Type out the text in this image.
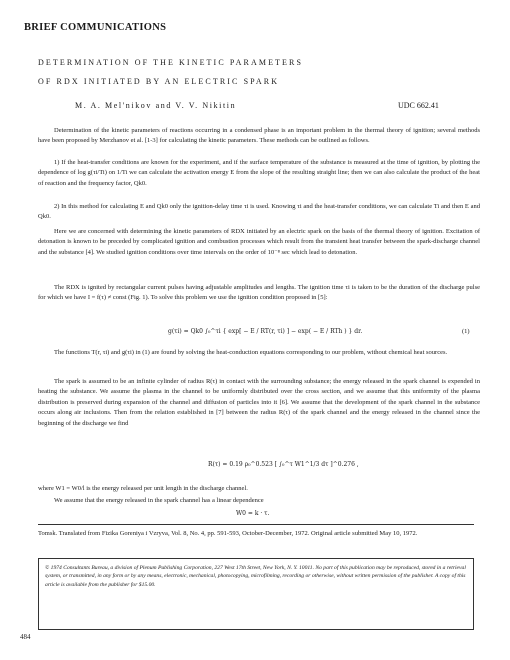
BRIEF COMMUNICATIONS
DETERMINATION OF THE KINETIC PARAMETERS
OF RDX INITIATED BY AN ELECTRIC SPARK
M. A. Mel'nikov and V. V. Nikitin	UDC 662.41
Determination of the kinetic parameters of reactions occurring in a condensed phase is an important problem in the thermal theory of ignition; several methods have been proposed by Merzhanov et al. [1-3] for calculating the kinetic parameters. These methods can be outlined as follows.
1) If the heat-transfer conditions are known for the experiment, and if the surface temperature of the substance is measured at the time of ignition, by plotting the dependence of log g(τi/Ti) on 1/Ti we can calculate the activation energy E from the slope of the resulting straight line; then we can also calculate the product of the heat of reaction and the frequency factor, Qk0.
2) In this method for calculating E and Qk0 only the ignition-delay time τi is used. Knowing τi and the heat-transfer conditions, we can calculate Ti and then E and Qk0.
Here we are concerned with determining the kinetic parameters of RDX initiated by an electric spark on the basis of the thermal theory of ignition. Excitation of detonation is known to be preceded by complicated ignition and combustion processes which result from the transient heat transfer between the spark-discharge channel and the substance [4]. We studied ignition conditions over time intervals on the order of 10⁻⁸ sec which lead to detonation.
The RDX is ignited by rectangular current pulses having adjustable amplitudes and lengths. The ignition time τi is taken to be the duration of the discharge pulse for which we have I = f(τ) ≠ const (Fig. 1). To solve this problem we use the ignition condition proposed in [5]:
g(τi) = Qk0 ∫₀^τi { exp[ − E / RT(r, τi) ] − exp( − E / RTh ) } dr.	(1)
The functions T(r, τi) and g(τi) in (1) are found by solving the heat-conduction equations corresponding to our problem, without chemical heat sources.
The spark is assumed to be an infinite cylinder of radius R(τ) in contact with the surrounding substance; the energy released in the spark channel is expended in heating the substance. We assume the plasma in the channel to be uniformly distributed over the cross section, and we assume that this uniformity of the plasma distribution is preserved during expansion of the channel and diffusion of particles into it [6]. We assume that the development of the spark channel in the substance occurs along air inclusions. Then from the relation established in [7] between the radius R(τ) of the spark channel and the energy released in the channel since the beginning of the discharge we find
R(τ) = 0.19 ρ₀^0.523 [ ∫₀^τ W1^1/3 dτ ]^0.276 ,
where W1 = W0/l is the energy released per unit length in the discharge channel.
We assume that the energy released in the spark channel has a linear dependence
W0 = k · τ.
Tomsk. Translated from Fizika Goreniya i Vzryva, Vol. 8, No. 4, pp. 591-593, October-December, 1972. Original article submitted May 10, 1972.
© 1974 Consultants Bureau, a division of Plenum Publishing Corporation, 227 West 17th Street, New York, N. Y. 10011. No part of this publication may be reproduced, stored in a retrieval system, or transmitted, in any form or by any means, electronic, mechanical, photocopying, microfilming, recording or otherwise, without written permission of the publisher. A copy of this article is available from the publisher for $15.00.
484
